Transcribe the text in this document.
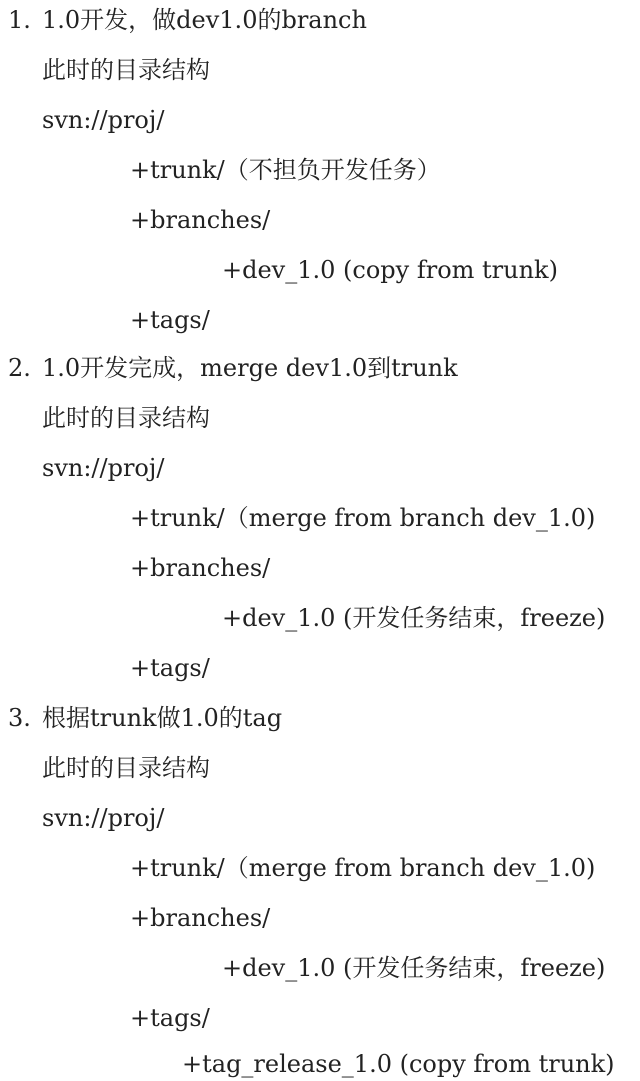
1. 1.0开发，做dev1.0的branch
此时的目录结构
svn://proj/
+trunk/（不担负开发任务）
+branches/
+dev_1.0 (copy from trunk)
+tags/
2. 1.0开发完成，merge dev1.0到trunk
此时的目录结构
svn://proj/
+trunk/（merge from branch dev_1.0)
+branches/
+dev_1.0 (开发任务结束，freeze)
+tags/
3. 根据trunk做1.0的tag
此时的目录结构
svn://proj/
+trunk/（merge from branch dev_1.0)
+branches/
+dev_1.0 (开发任务结束，freeze)
+tags/
+tag_release_1.0 (copy from trunk)
